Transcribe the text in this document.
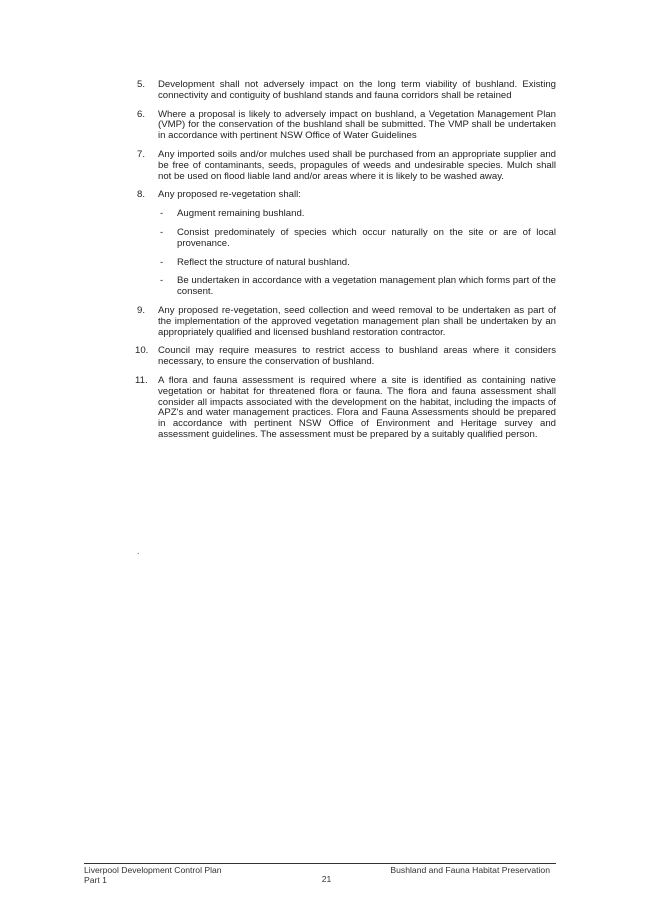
5. Development shall not adversely impact on the long term viability of bushland. Existing connectivity and contiguity of bushland stands and fauna corridors shall be retained
6. Where a proposal is likely to adversely impact on bushland, a Vegetation Management Plan (VMP) for the conservation of the bushland shall be submitted. The VMP shall be undertaken in accordance with pertinent NSW Office of Water Guidelines
7. Any imported soils and/or mulches used shall be purchased from an appropriate supplier and be free of contaminants, seeds, propagules of weeds and undesirable species. Mulch shall not be used on flood liable land and/or areas where it is likely to be washed away.
8. Any proposed re-vegetation shall:
- Augment remaining bushland.
- Consist predominately of species which occur naturally on the site or are of local provenance.
- Reflect the structure of natural bushland.
- Be undertaken in accordance with a vegetation management plan which forms part of the consent.
9. Any proposed re-vegetation, seed collection and weed removal to be undertaken as part of the implementation of the approved vegetation management plan shall be undertaken by an appropriately qualified and licensed bushland restoration contractor.
10. Council may require measures to restrict access to bushland areas where it considers necessary, to ensure the conservation of bushland.
11. A flora and fauna assessment is required where a site is identified as containing native vegetation or habitat for threatened flora or fauna. The flora and fauna assessment shall consider all impacts associated with the development on the habitat, including the impacts of APZ's and water management practices. Flora and Fauna Assessments should be prepared in accordance with pertinent NSW Office of Environment and Heritage survey and assessment guidelines. The assessment must be prepared by a suitably qualified person.
.
Liverpool Development Control Plan
Part 1
Bushland and Fauna Habitat Preservation
21
